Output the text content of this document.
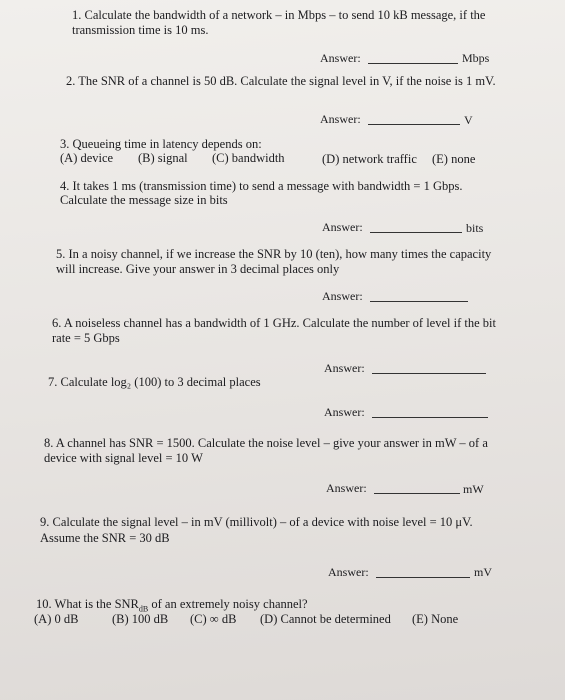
1. Calculate the bandwidth of a network – in Mbps – to send 10 kB message, if the
transmission time is 10 ms.
Answer:	Mbps
2. The SNR of a channel is 50 dB. Calculate the signal level in V, if the noise is 1 mV.
Answer:	V
3. Queueing time in latency depends on:
(A) device (B) signal (C) bandwidth	(D) network traffic (E) none
4. It takes 1 ms (transmission time) to send a message with bandwidth = 1 Gbps.
Calculate the message size in bits
Answer:	bits
5. In a noisy channel, if we increase the SNR by 10 (ten), how many times the capacity
will increase. Give your answer in 3 decimal places only
Answer:
6. A noiseless channel has a bandwidth of 1 GHz. Calculate the number of level if the bit
rate = 5 Gbps
Answer:
7. Calculate log₂ (100) to 3 decimal places
Answer:
8. A channel has SNR = 1500. Calculate the noise level – give your answer in mW – of a
device with signal level = 10 W
Answer:	mW
9. Calculate the signal level – in mV (millivolt) – of a device with noise level = 10 μV.
Assume the SNR = 30 dB
Answer:	mV
10. What is the $SNR_{dB}$ of an extremely noisy channel?
(A) 0 dB	(B) 100 dB (C) ∞ dB (D) Cannot be determined (E) None
